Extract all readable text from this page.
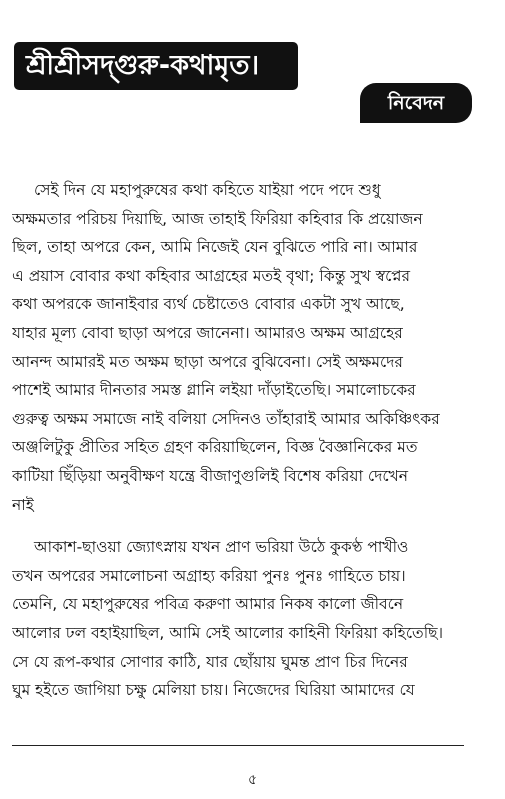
শ্রীশ্রীসদ্‌গুরু-কথামৃত।
নিবেদন
সেই দিন যে মহাপুরুষের কথা কহিতে যাইয়া পদে পদে শুধু
অক্ষমতার পরিচয় দিয়াছি, আজ তাহাই ফিরিয়া কহিবার কি প্রয়োজন
ছিল, তাহা অপরে কেন, আমি নিজেই যেন বুঝিতে পারি না। আমার
এ প্রয়াস বোবার কথা কহিবার আগ্রহের মতই বৃথা; কিন্তু সুখ স্বপ্নের
কথা অপরকে জানাইবার ব্যর্থ চেষ্টাতেও বোবার একটা সুখ আছে,
যাহার মূল্য বোবা ছাড়া অপরে জানেনা। আমারও অক্ষম আগ্রহের
আনন্দ আমারই মত অক্ষম ছাড়া অপরে বুঝিবেনা। সেই অক্ষমদের
পাশেই আমার দীনতার সমস্ত গ্লানি লইয়া দাঁড়াইতেছি। সমালোচকের
গুরুত্ব অক্ষম সমাজে নাই বলিয়া সেদিনও তাঁহারাই আমার অকিঞ্চিৎকর
অঞ্জলিটুকু প্রীতির সহিত গ্রহণ করিয়াছিলেন, বিজ্ঞ বৈজ্ঞানিকের মত
কাটিয়া ছিঁড়িয়া অনুবীক্ষণ যন্ত্রে বীজাণুগুলিই বিশেষ করিয়া দেখেন
নাই
আকাশ-ছাওয়া জ্যোৎস্নায় যখন প্রাণ ভরিয়া উঠে কুকণ্ঠ পাখীও
তখন অপরের সমালোচনা অগ্রাহ্য করিয়া পুনঃ পুনঃ গাহিতে চায়।
তেমনি, যে মহাপুরুষের পবিত্র করুণা আমার নিকষ কালো জীবনে
আলোর ঢল বহাইয়াছিল, আমি সেই আলোর কাহিনী ফিরিয়া কহিতেছি।
সে যে রূপ-কথার সোণার কাঠি, যার ছোঁয়ায় ঘুমন্ত প্রাণ চির দিনের
ঘুম হইতে জাগিয়া চক্ষু মেলিয়া চায়। নিজেদের ঘিরিয়া আমাদের যে
৫
